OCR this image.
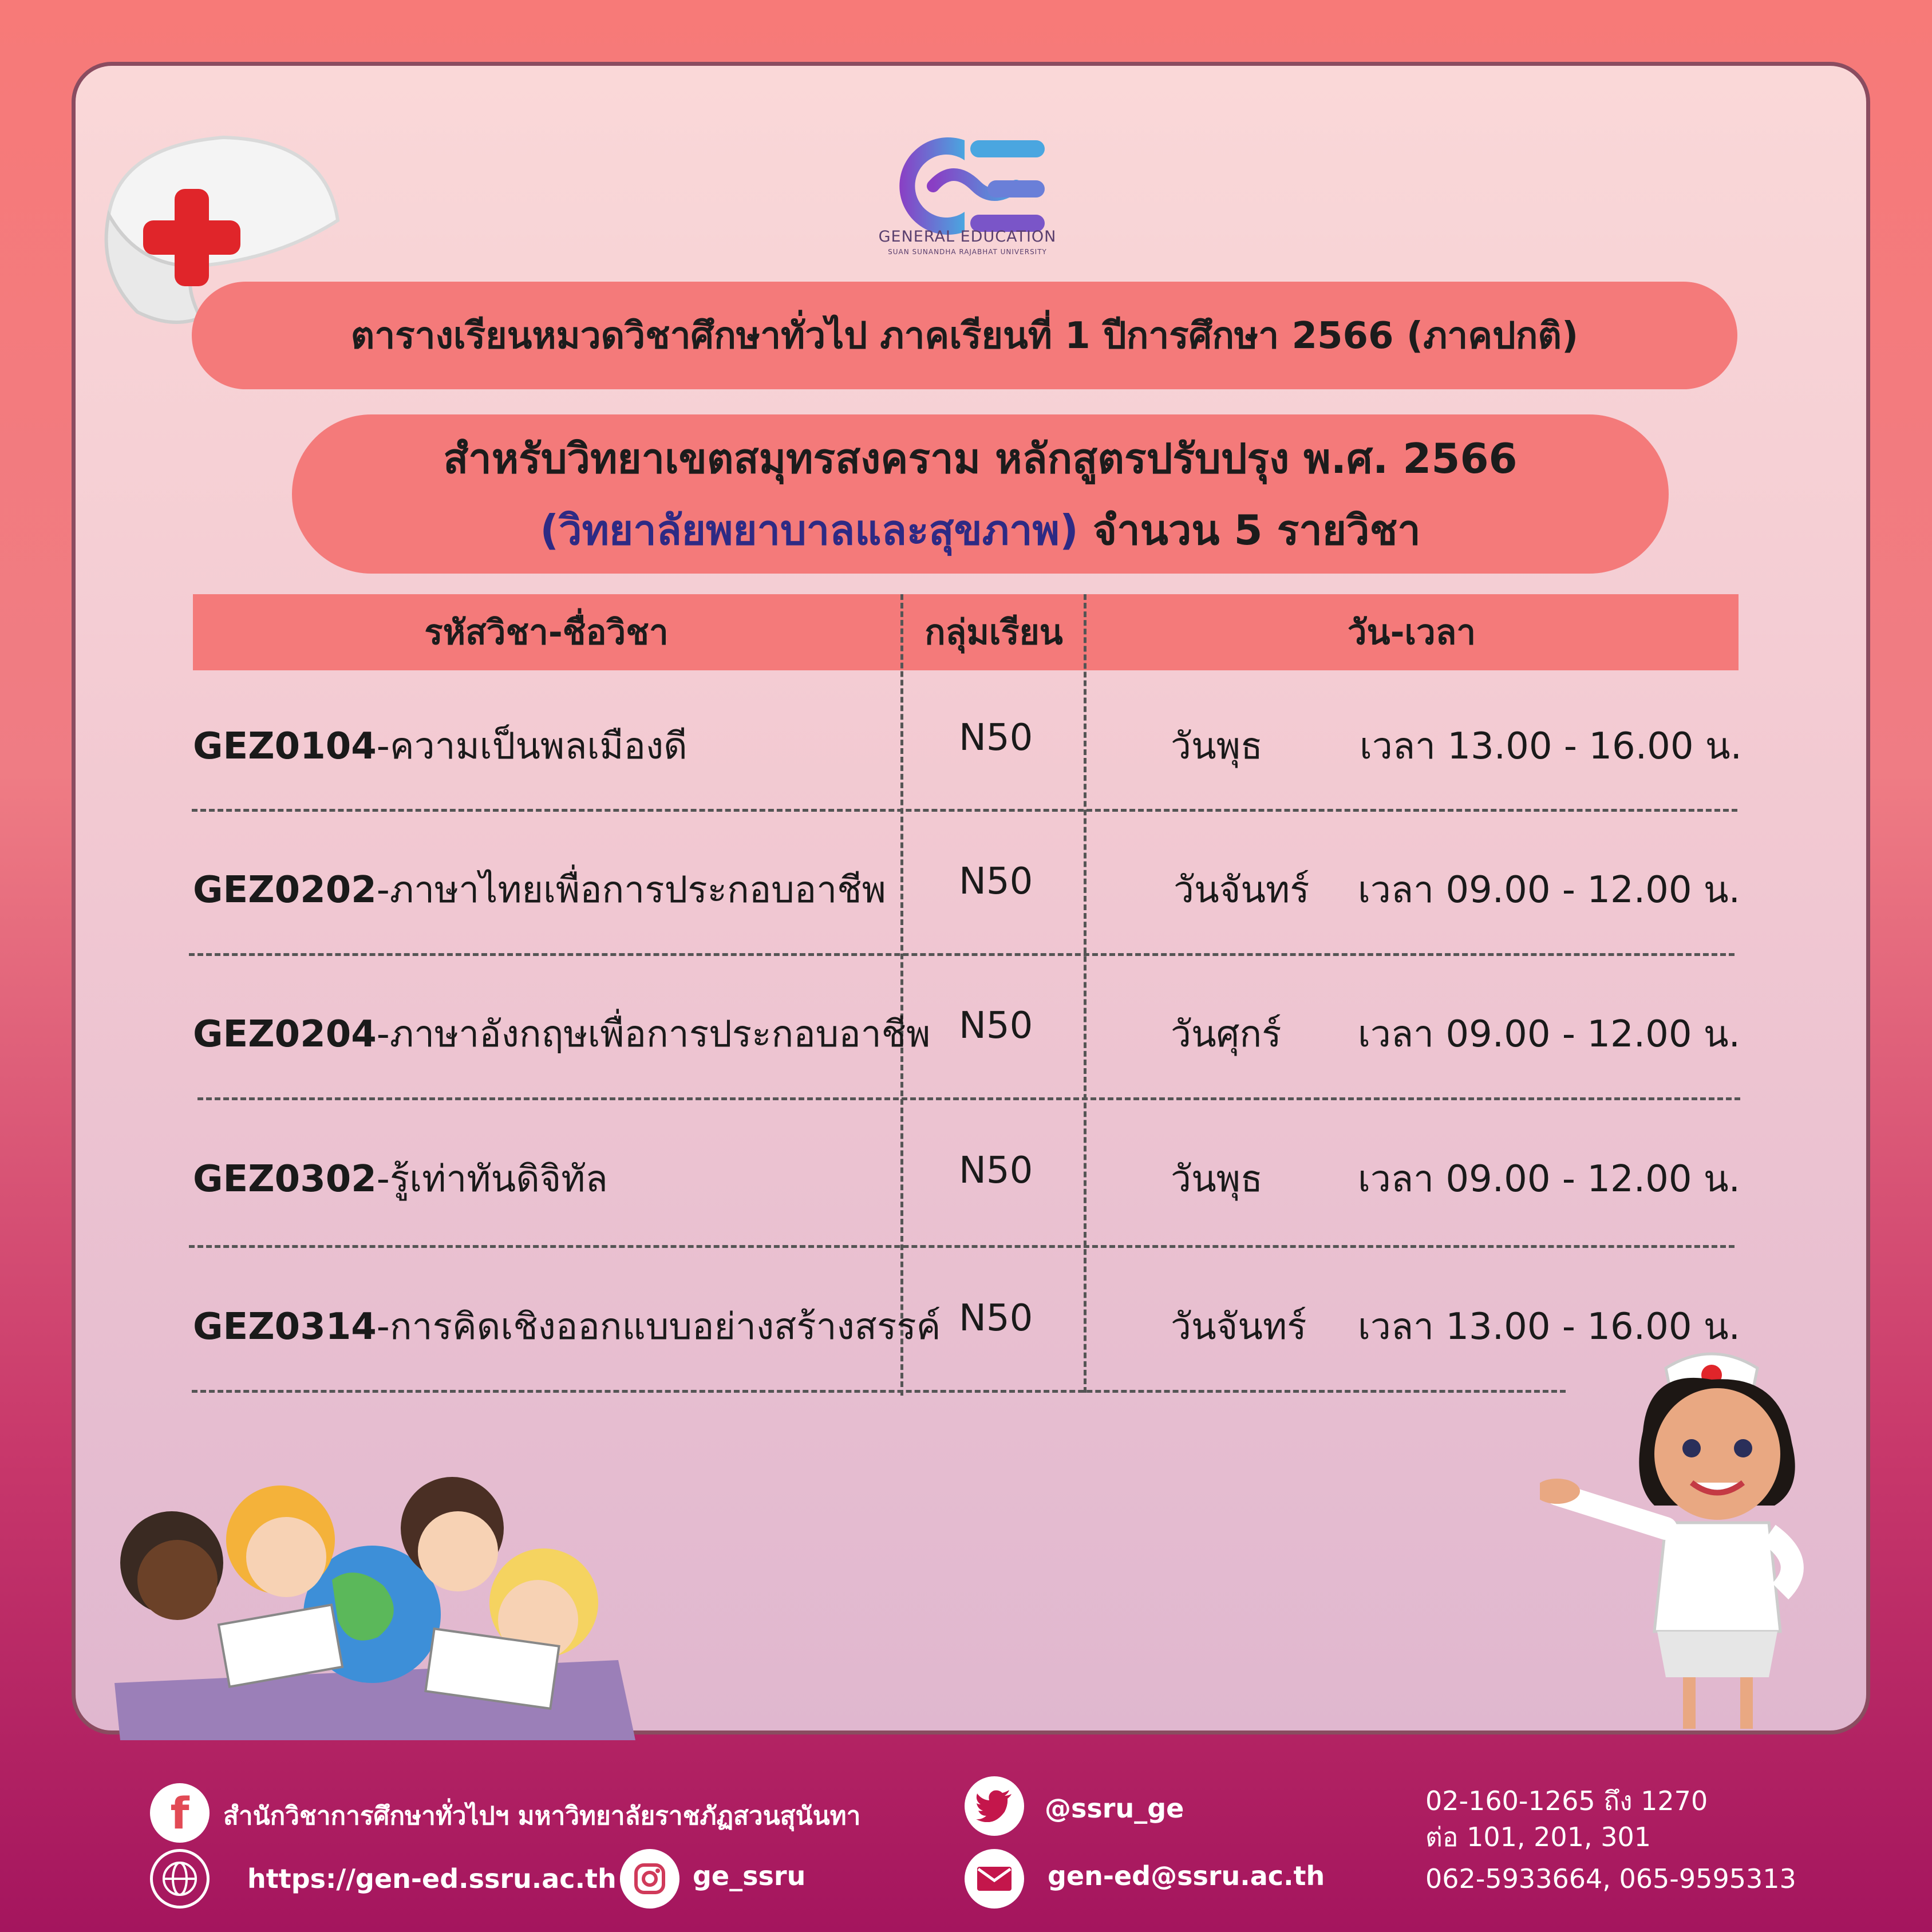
GENERAL EDUCATION
SUAN SUNANDHA RAJABHAT UNIVERSITY
ตารางเรียนหมวดวิชาศึกษาทั่วไป ภาคเรียนที่ 1 ปีการศึกษา 2566 (ภาคปกติ)
สำหรับวิทยาเขตสมุทรสงคราม หลักสูตรปรับปรุง พ.ศ. 2566
(วิทยาลัยพยาบาลและสุขภาพ) จำนวน 5 รายวิชา
รหัสวิชา-ชื่อวิชา	กลุ่มเรียน	วัน-เวลา
GEZ0104-ความเป็นพลเมืองดี	N50	วันพุธ	เวลา 13.00 - 16.00 น.
GEZ0202-ภาษาไทยเพื่อการประกอบอาชีพ N50	วันจันทร์ เวลา 09.00 - 12.00 น.
GEZ0204-ภาษาอังกฤษเพื่อการประกอบอาชีพ N50	วันศุกร์ เวลา 09.00 - 12.00 น.
GEZ0302-รู้เท่าทันดิจิทัล	N50	วันพุธ	เวลา 09.00 - 12.00 น.
GEZ0314-การคิดเชิงออกแบบอย่างสร้างสรรค์ N50	วันจันทร์ เวลา 13.00 - 16.00 น.
f สำนักวิชาการศึกษาทั่วไปฯ มหาวิทยาลัยราชภัฏสวนสุนันทา
https://gen-ed.ssru.ac.th	ge_ssru
@ssru_ge
gen-ed@ssru.ac.th
02-160-1265 ถึง 1270
ต่อ 101, 201, 301
062-5933664, 065-9595313
